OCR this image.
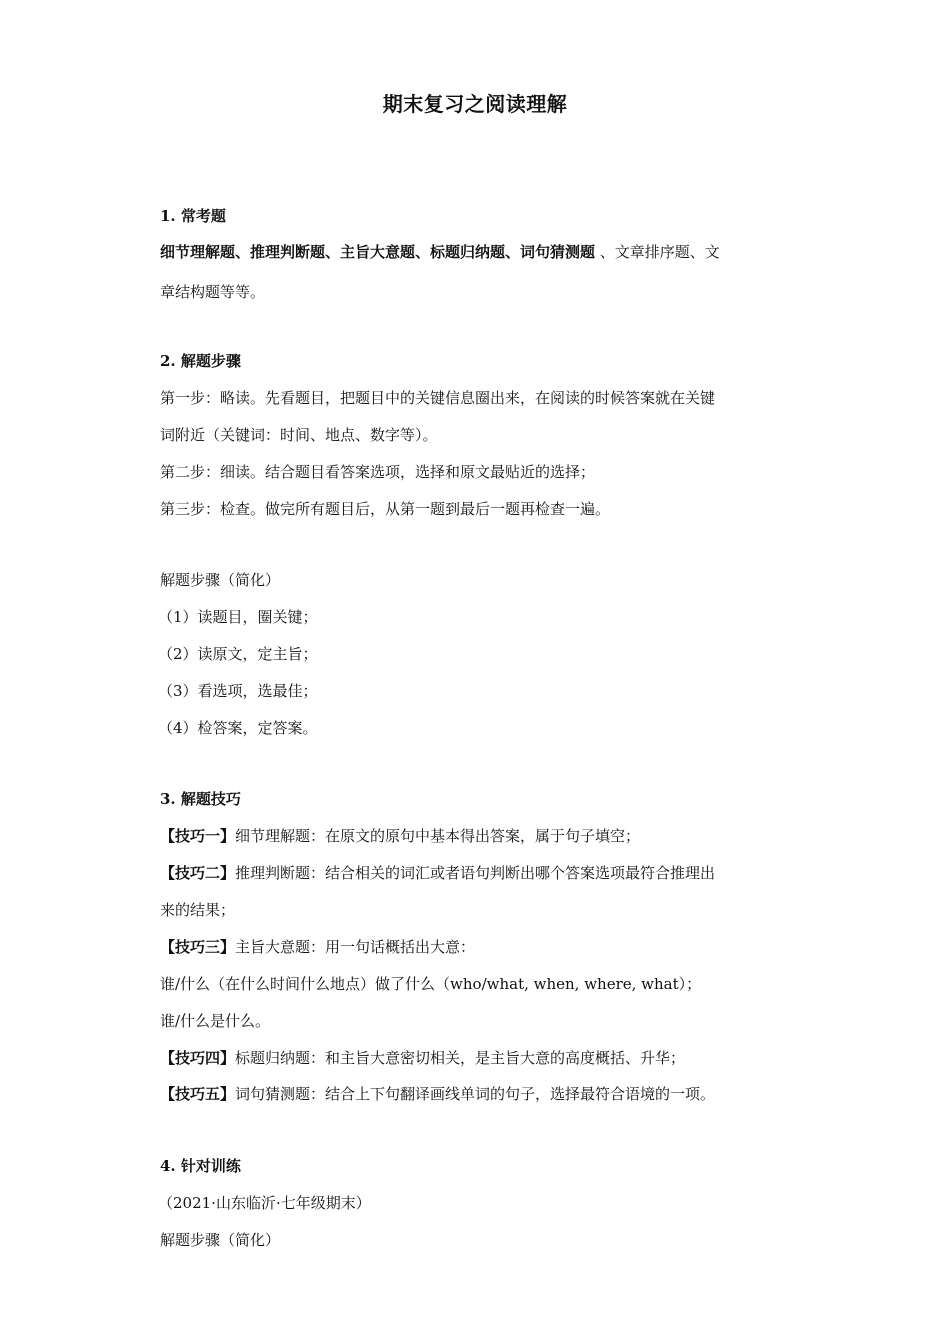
期末复习之阅读理解
1. 常考题
细节理解题、推理判断题、主旨大意题、标题归纳题、词句猜测题 、文章排序题、文
章结构题等等。
2. 解题步骤
第一步：略读。先看题目，把题目中的关键信息圈出来，在阅读的时候答案就在关键
词附近（关键词：时间、地点、数字等）。
第二步：细读。结合题目看答案选项，选择和原文最贴近的选择；
第三步：检查。做完所有题目后，从第一题到最后一题再检查一遍。
解题步骤（简化）
（1）读题目，圈关键；
（2）读原文，定主旨；
（3）看选项，选最佳；
（4）检答案，定答案。
3. 解题技巧
【技巧一】细节理解题：在原文的原句中基本得出答案，属于句子填空；
【技巧二】推理判断题：结合相关的词汇或者语句判断出哪个答案选项最符合推理出
来的结果；
【技巧三】主旨大意题：用一句话概括出大意：
谁/什么（在什么时间什么地点）做了什么（who/what, when, where, what）；
谁/什么是什么。
【技巧四】标题归纳题：和主旨大意密切相关，是主旨大意的高度概括、升华；
【技巧五】词句猜测题：结合上下句翻译画线单词的句子，选择最符合语境的一项。
4. 针对训练
（2021·山东临沂·七年级期末）
解题步骤（简化）
